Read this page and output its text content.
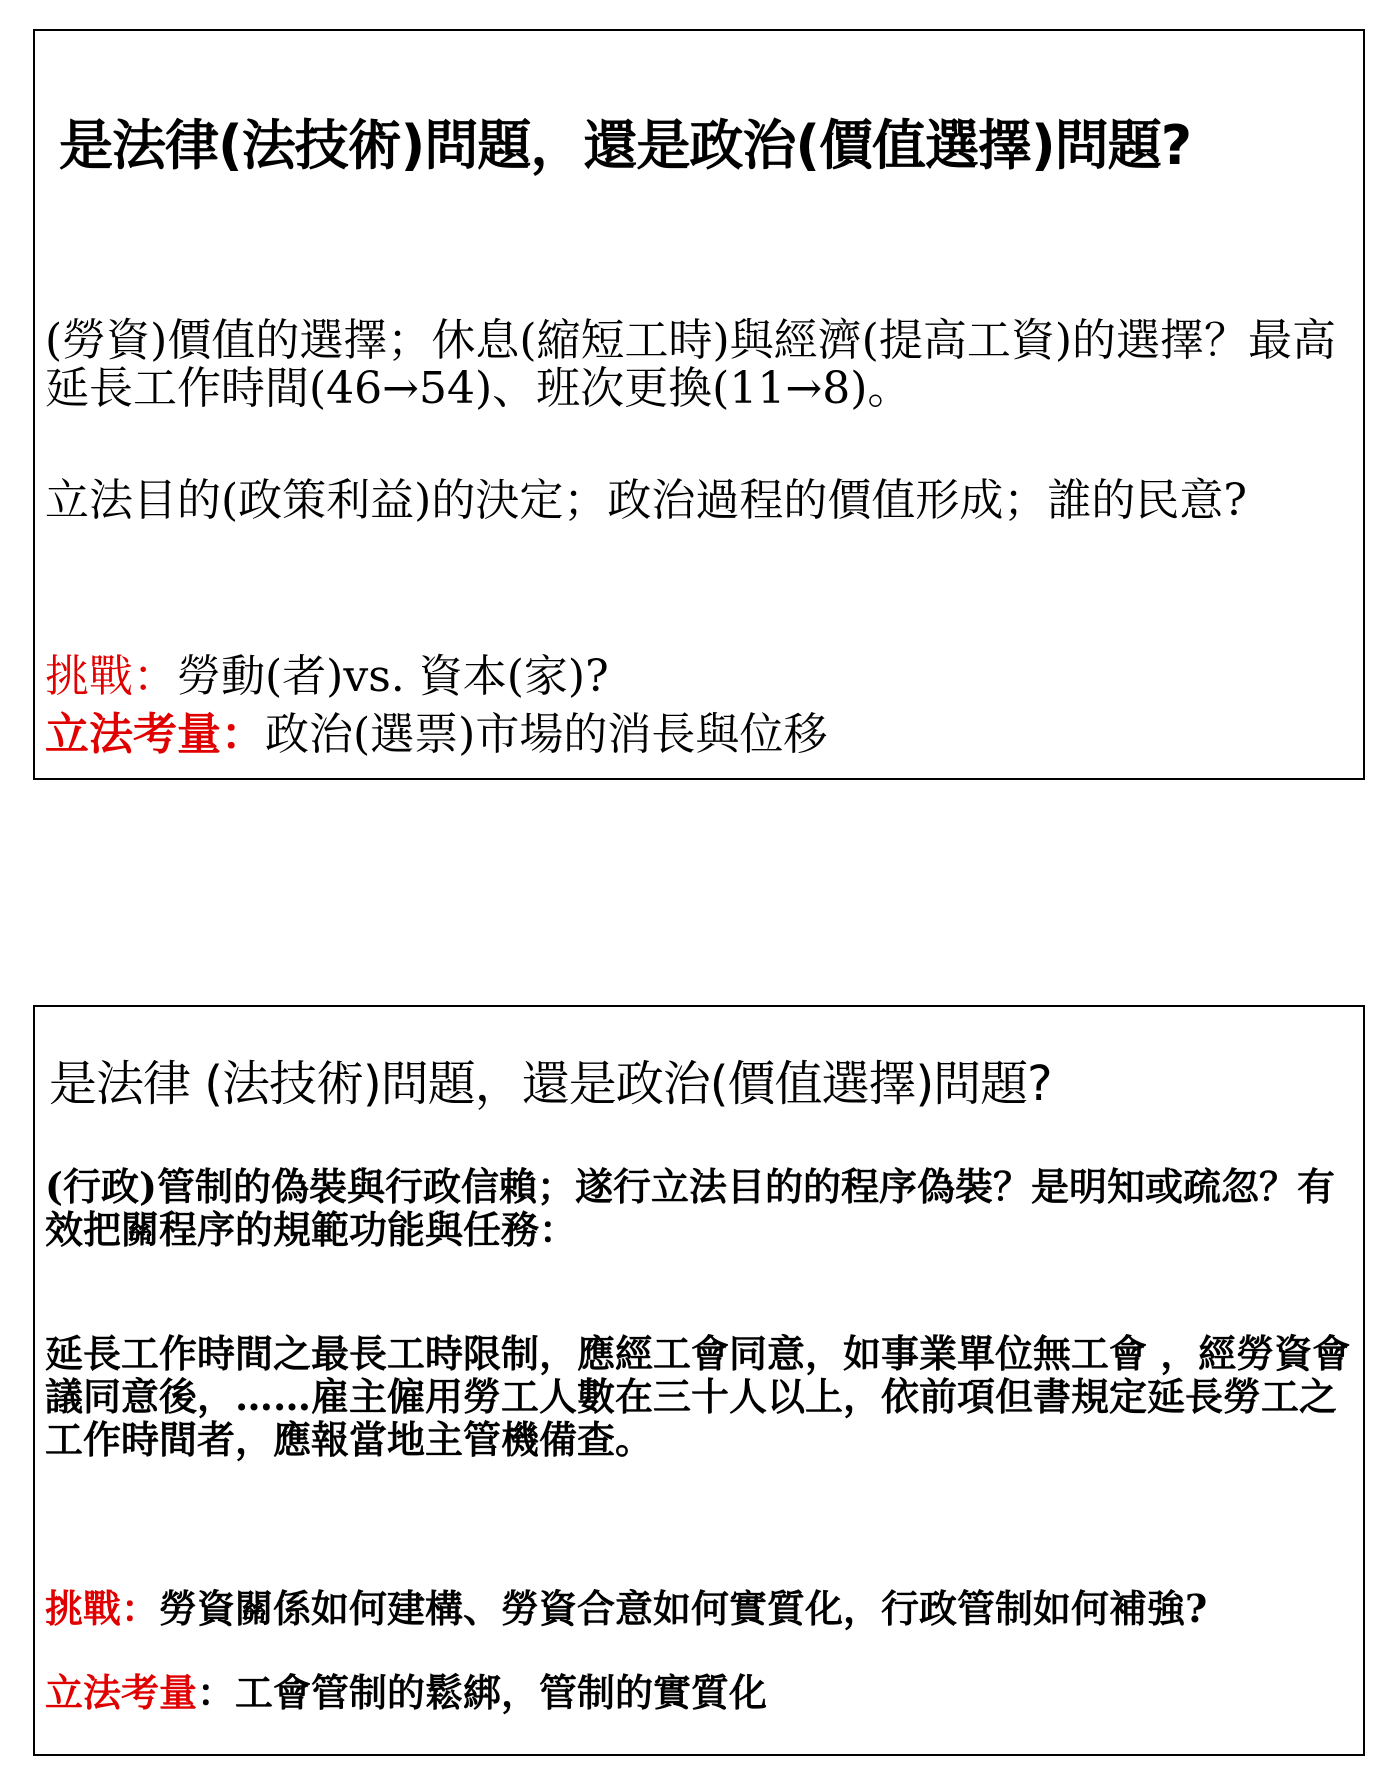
是法律(法技術)問題，還是政治(價值選擇)問題?

(勞資)價值的選擇；休息(縮短工時)與經濟(提高工資)的選擇？最高延長工作時間(46→54)、班次更換(11→8)。

立法目的(政策利益)的決定；政治過程的價值形成；誰的民意?

挑戰：勞動(者)vs. 資本(家)?

立法考量：政治(選票)市場的消長與位移

是法律 (法技術)問題，還是政治(價值選擇)問題?

(行政)管制的偽裝與行政信賴；遂行立法目的的程序偽裝？是明知或疏忽？有效把關程序的規範功能與任務：

延長工作時間之最長工時限制，應經工會同意，如事業單位無工會 ，經勞資會議同意後，……雇主僱用勞工人數在三十人以上，依前項但書規定延長勞工之工作時間者，應報當地主管機備查。

挑戰：勞資關係如何建構、勞資合意如何實質化，行政管制如何補強?

立法考量：工會管制的鬆綁，管制的實質化
